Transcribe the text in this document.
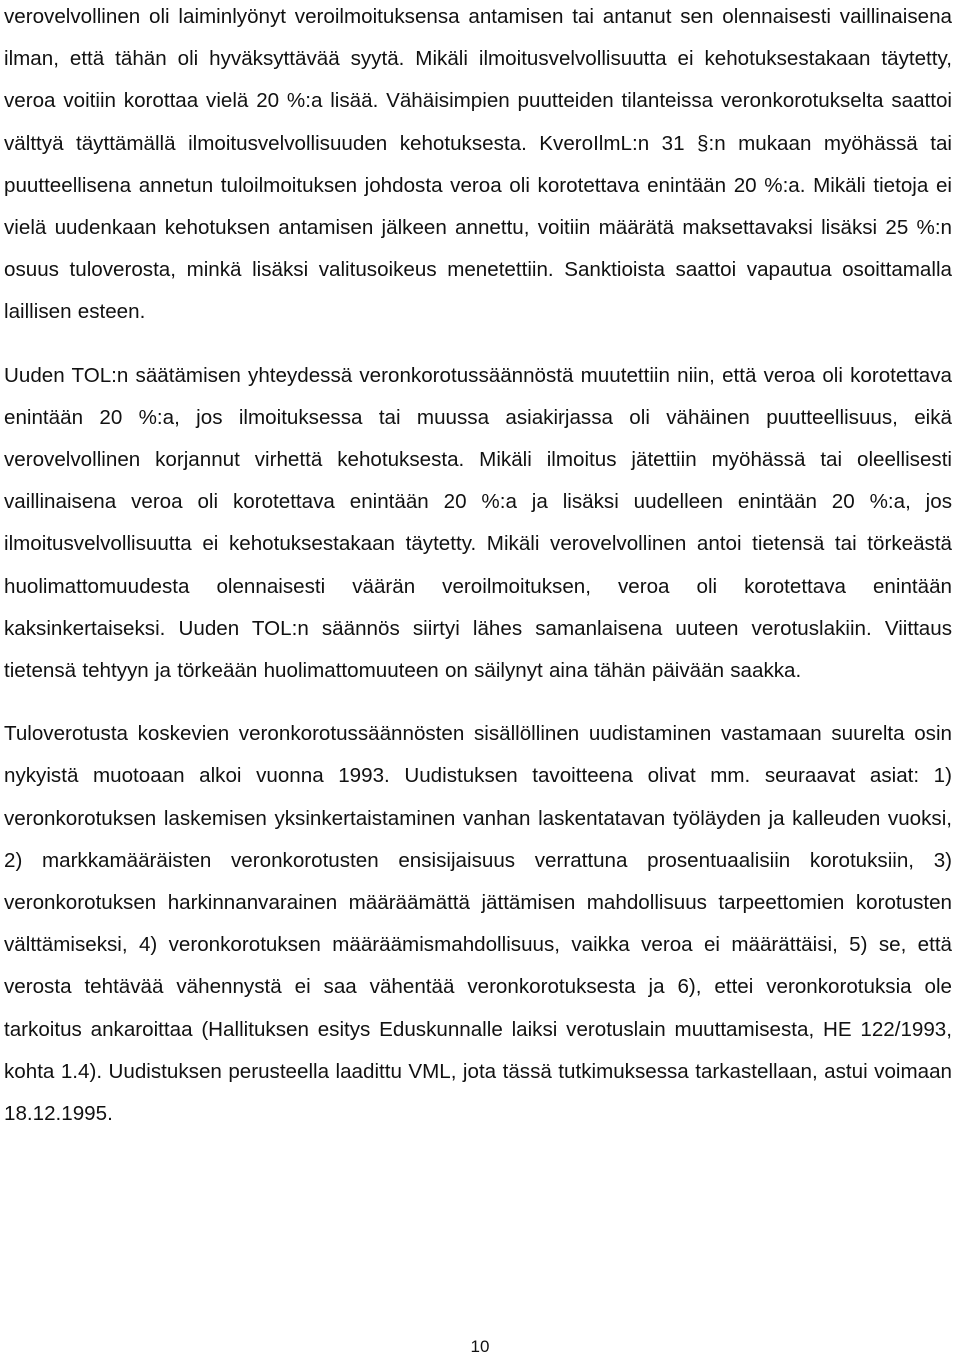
verovelvollinen oli laiminlyönyt veroilmoituksensa antamisen tai antanut sen olennaisesti vaillinaisena ilman, että tähän oli hyväksyttävää syytä. Mikäli ilmoitusvelvollisuutta ei kehotuksestakaan täytetty, veroa voitiin korottaa vielä 20 %:a lisää. Vähäisimpien puutteiden tilanteissa veronkorotukselta saattoi välttyä täyttämällä ilmoitusvelvollisuuden kehotuksesta. KveroIlmL:n 31 §:n mukaan myöhässä tai puutteellisena annetun tuloilmoituksen johdosta veroa oli korotettava enintään 20 %:a. Mikäli tietoja ei vielä uudenkaan kehotuksen antamisen jälkeen annettu, voitiin määrätä maksettavaksi lisäksi 25 %:n osuus tuloverosta, minkä lisäksi valitusoikeus menetettiin. Sanktioista saattoi vapautua osoittamalla laillisen esteen.

Uuden TOL:n säätämisen yhteydessä veronkorotussäännöstä muutettiin niin, että veroa oli korotettava enintään 20 %:a, jos ilmoituksessa tai muussa asiakirjassa oli vähäinen puutteellisuus, eikä verovelvollinen korjannut virhettä kehotuksesta. Mikäli ilmoitus jätettiin myöhässä tai oleellisesti vaillinaisena veroa oli korotettava enintään 20 %:a ja lisäksi uudelleen enintään 20 %:a, jos ilmoitusvelvollisuutta ei kehotuksestakaan täytetty. Mikäli verovelvollinen antoi tietensä tai törkeästä huolimattomuudesta olennaisesti väärän veroilmoituksen, veroa oli korotettava enintään kaksinkertaiseksi. Uuden TOL:n säännös siirtyi lähes samanlaisena uuteen verotuslakiin. Viittaus tietensä tehtyyn ja törkeään huolimattomuuteen on säilynyt aina tähän päivään saakka.

Tuloverotusta koskevien veronkorotussäännösten sisällöllinen uudistaminen vastamaan suurelta osin nykyistä muotoaan alkoi vuonna 1993. Uudistuksen tavoitteena olivat mm. seuraavat asiat: 1) veronkorotuksen laskemisen yksinkertaistaminen vanhan laskentatavan työläyden ja kalleuden vuoksi, 2) markkamääräisten veronkorotusten ensisijaisuus verrattuna prosentuaalisiin korotuksiin, 3) veronkorotuksen harkinnanvarainen määräämättä jättämisen mahdollisuus tarpeettomien korotusten välttämiseksi, 4) veronkorotuksen määräämismahdollisuus, vaikka veroa ei määrättäisi, 5) se, että verosta tehtävää vähennystä ei saa vähentää veronkorotuksesta ja 6), ettei veronkorotuksia ole tarkoitus ankaroittaa (Hallituksen esitys Eduskunnalle laiksi verotuslain muuttamisesta, HE 122/1993, kohta 1.4). Uudistuksen perusteella laadittu VML, jota tässä tutkimuksessa tarkastellaan, astui voimaan 18.12.1995.

10
